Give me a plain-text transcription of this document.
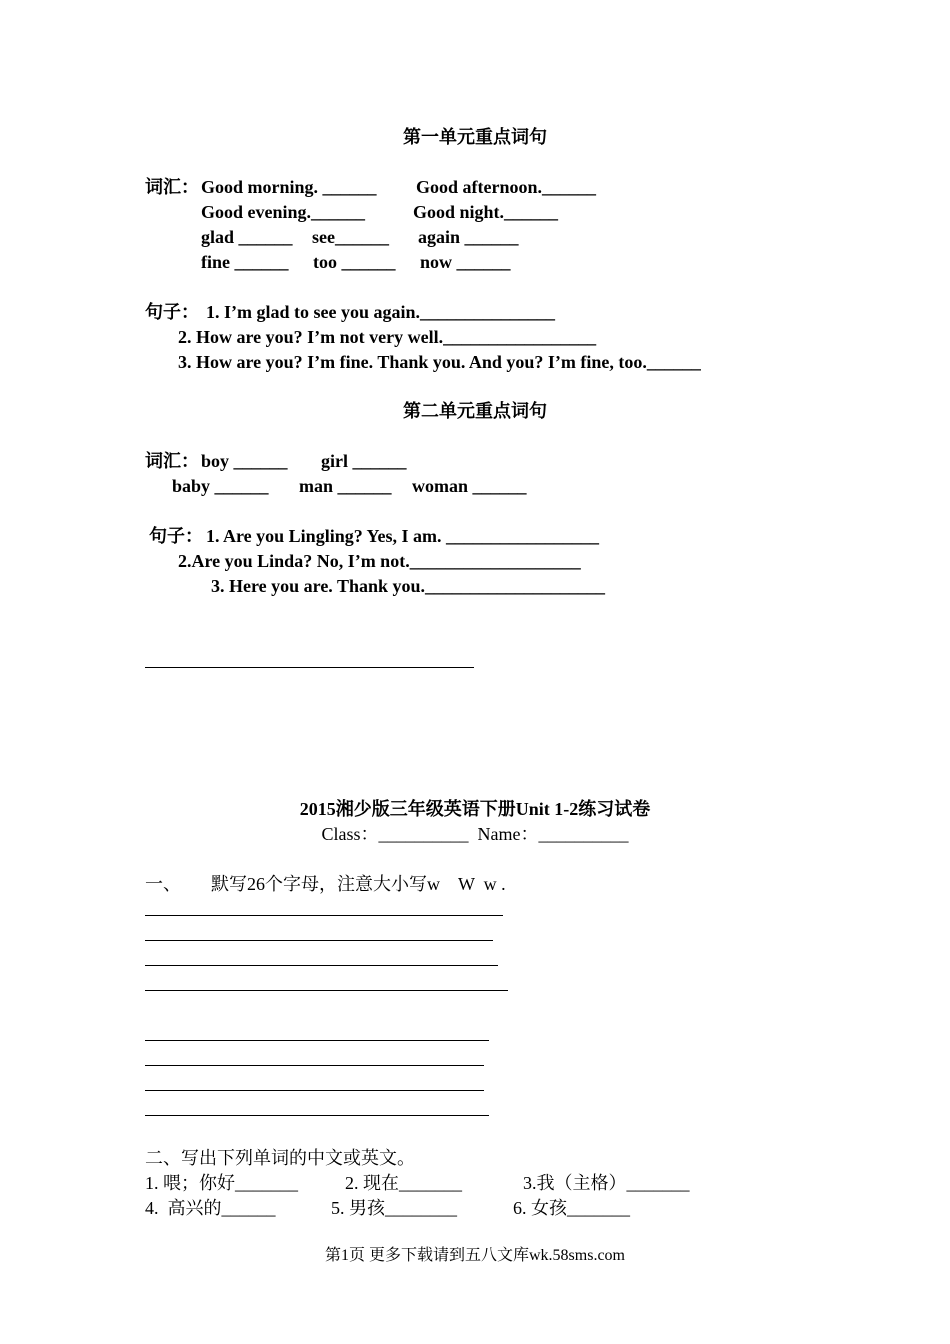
第一单元重点词句
词汇： Good morning. ______ Good afternoon.______
Good evening.______	Good night.______
glad ______ see______ again ______
fine ______ too ______ now ______
句子： 1. I’m glad to see you again._______________
2. How are you? I’m not very well._________________
3. How are you? I’m fine. Thank you. And you? I’m fine, too.______
第二单元重点词句
词汇： boy ______ girl ______
baby ______ man ______ woman ______
句子： 1. Are you Lingling? Yes, I am. _________________
2.Are you Linda? No, I’m not.___________________
3. Here you are. Thank you.____________________
2015湘少版三年级英语下册Unit 1-2练习试卷
Class：__________ Name：__________
一、 默写26个字母，注意大小写w　W  w .
二、写出下列单词的中文或英文。
1. 喂；你好_______	2. 现在_______	3.我（主格）_______
4.  高兴的______	5. 男孩________	6. 女孩_______
第1页 更多下载请到五八文库wk.58sms.com
